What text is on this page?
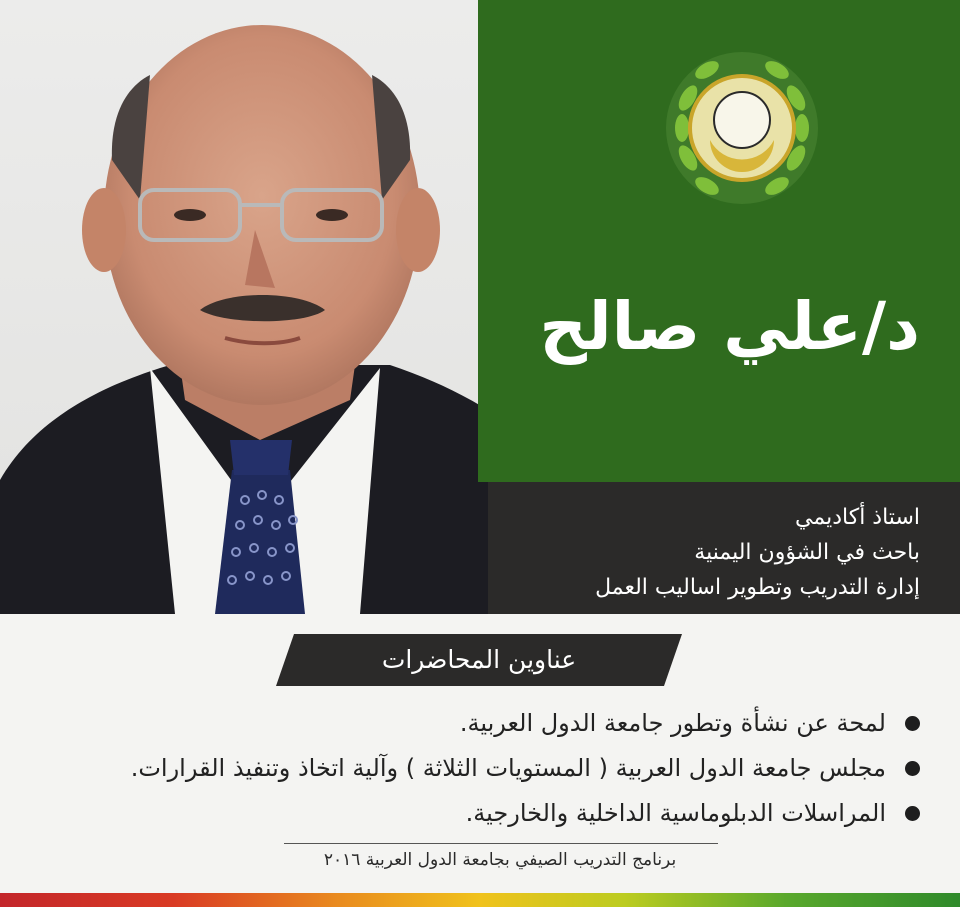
د/علي صالح
استاذ أكاديمي
باحث في الشؤون اليمنية
إدارة التدريب وتطوير اساليب العمل
عناوين المحاضرات
لمحة عن نشأة وتطور جامعة الدول العربية.
مجلس جامعة الدول العربية ( المستويات الثلاثة ) وآلية اتخاذ وتنفيذ القرارات.
المراسلات الدبلوماسية الداخلية والخارجية.
برنامج التدريب الصيفي بجامعة الدول العربية ٢٠١٦
